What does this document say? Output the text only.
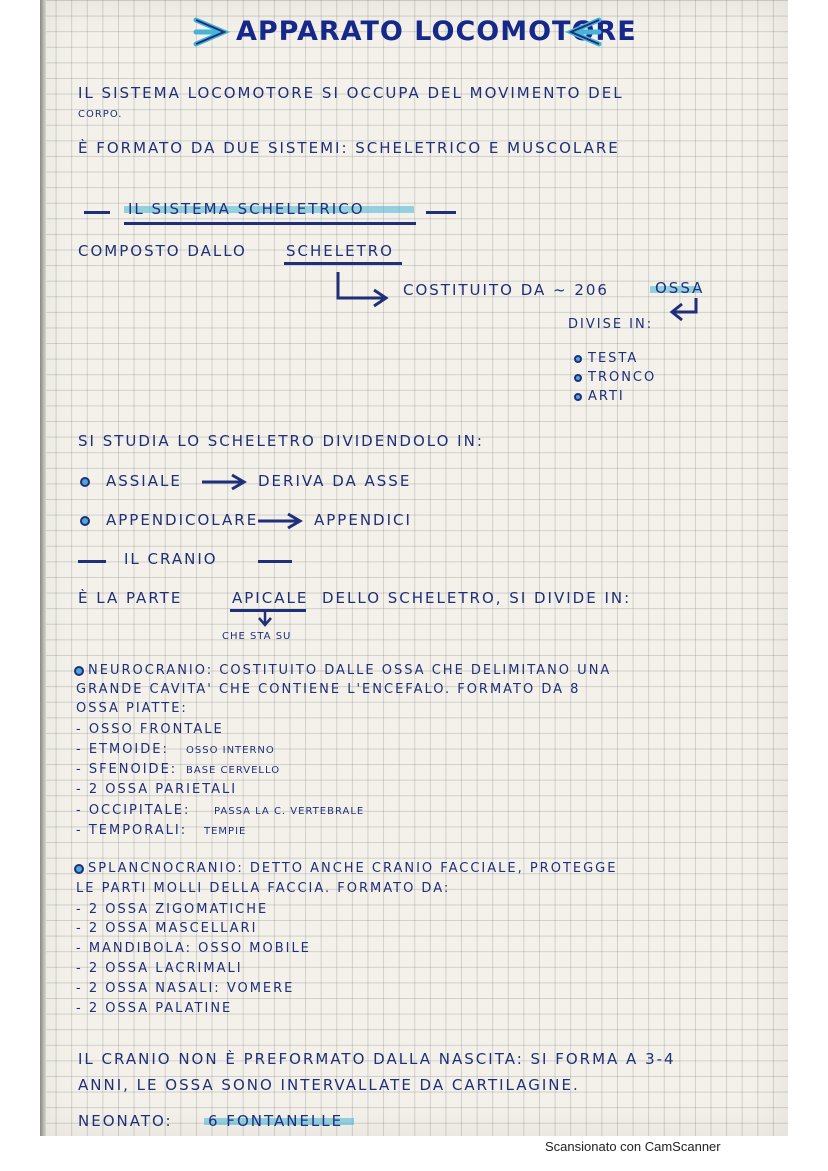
APPARATO LOCOMOTORE
IL SISTEMA LOCOMOTORE SI OCCUPA DEL MOVIMENTO DEL
CORPO.
È FORMATO DA DUE SISTEMI: SCHELETRICO E MUSCOLARE
IL SISTEMA SCHELETRICO
COMPOSTO DALLO	SCHELETRO
COSTITUITO DA ~ 206	OSSA
DIVISE IN:
TESTA
TRONCO
ARTI
SI STUDIA LO SCHELETRO DIVIDENDOLO IN:
ASSIALE	DERIVA DA ASSE
APPENDICOLARE	APPENDICI
IL CRANIO
È LA PARTE	APICALE DELLO SCHELETRO, SI DIVIDE IN:
CHE STA SU
NEUROCRANIO: COSTITUITO DALLE OSSA CHE DELIMITANO UNA
GRANDE CAVITA' CHE CONTIENE L'ENCEFALO. FORMATO DA 8
OSSA PIATTE:
- OSSO FRONTALE
- ETMOIDE: OSSO INTERNO
- SFENOIDE: BASE CERVELLO
- 2 OSSA PARIETALI
- OCCIPITALE: PASSA LA C. VERTEBRALE
- TEMPORALI: TEMPIE
SPLANCNOCRANIO: DETTO ANCHE CRANIO FACCIALE, PROTEGGE
LE PARTI MOLLI DELLA FACCIA. FORMATO DA:
- 2 OSSA ZIGOMATICHE
- 2 OSSA MASCELLARI
- MANDIBOLA: OSSO MOBILE
- 2 OSSA LACRIMALI
- 2 OSSA NASALI: VOMERE
- 2 OSSA PALATINE
IL CRANIO NON È PREFORMATO DALLA NASCITA: SI FORMA A 3-4
ANNI, LE OSSA SONO INTERVALLATE DA CARTILAGINE.
NEONATO: 6 FONTANELLE
Scansionato con CamScanner
